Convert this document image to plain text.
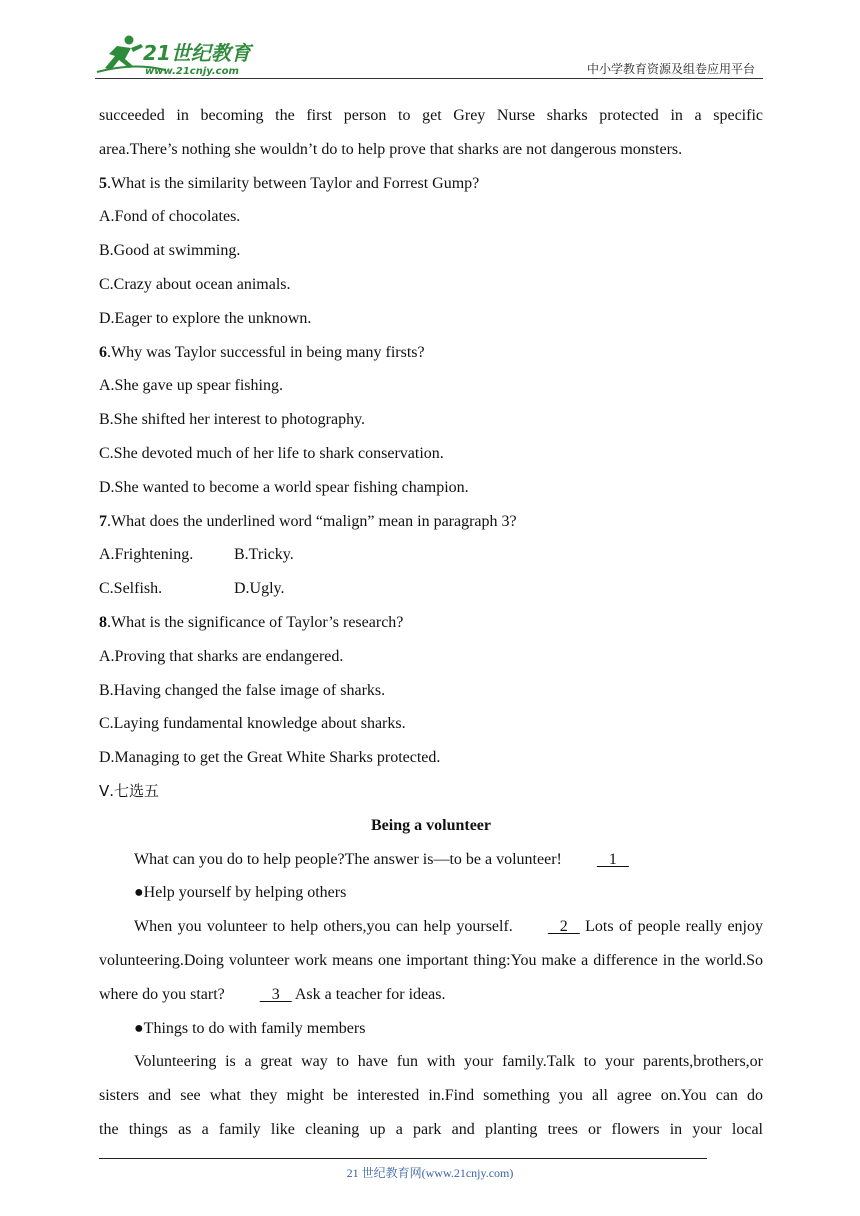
21世纪教育
www.21cnjy.com	中小学教育资源及组卷应用平台

succeeded in becoming the first person to get Grey Nurse sharks protected in a specific

area.There’s nothing she wouldn’t do to help prove that sharks are not dangerous monsters.

5.What is the similarity between Taylor and Forrest Gump?

A.Fond of chocolates.

B.Good at swimming.

C.Crazy about ocean animals.

D.Eager to explore the unknown.

6.Why was Taylor successful in being many firsts?

A.She gave up spear fishing.

B.She shifted her interest to photography.

C.She devoted much of her life to shark conservation.

D.She wanted to become a world spear fishing champion.

7.What does the underlined word “malign” mean in paragraph 3?

A.Frightening.	B.Tricky.
C.Selfish.	D.Ugly.

8.What is the significance of Taylor’s research?

A.Proving that sharks are endangered.

B.Having changed the false image of sharks.

C.Laying fundamental knowledge about sharks.

D.Managing to get the Great White Sharks protected.

Ⅴ.七选五

Being a volunteer

What can you do to help people?The answer is—to be a volunteer!   1

●Help yourself by helping others

When you volunteer to help others,you can help yourself.   2    Lots of people really enjoy volunteering.Doing volunteer work means one important thing:You make a difference in the world.So where do you start?   3    Ask a teacher for ideas.

●Things to do with family members

Volunteering is a great way to have fun with your family.Talk to your parents,brothers,or

sisters and see what they might be interested in.Find something you all agree on.You can do

the things as a family like cleaning up a park and planting trees or flowers in your local

21 世纪教育网(www.21cnjy.com)
